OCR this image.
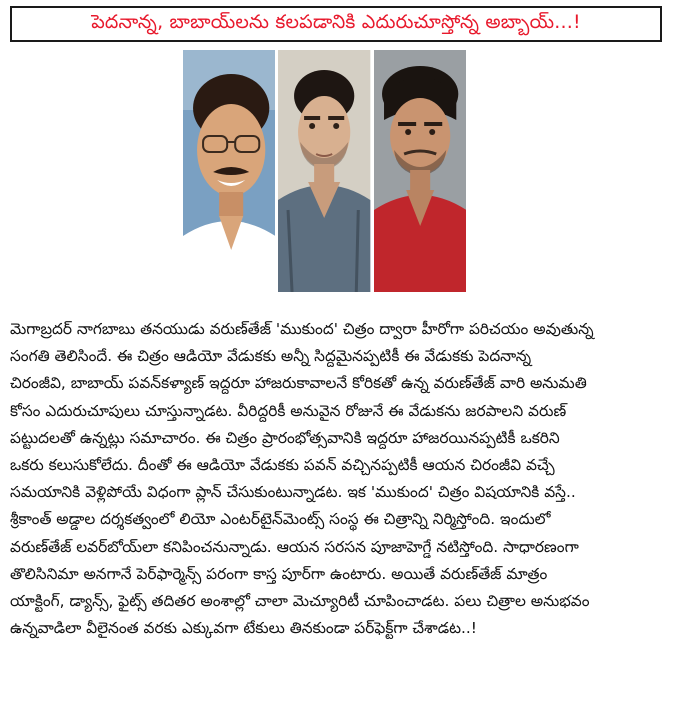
పెదనాన్న, బాబాయ్‌లను కలపడానికి ఎదురుచూస్తోన్న అబ్బాయ్...!
మెగాబ్రదర్ నాగబాబు తనయుడు వరుణ్‌తేజ్ 'ముకుంద' చిత్రం ద్వారా హీరోగా పరిచయం అవుతున్న
సంగతి తెలిసిందే. ఈ చిత్రం ఆడియో వేడుకకు అన్నీ సిద్దమైనప్పటికీ ఈ వేడుకకు పెదనాన్న
చిరంజీవి, బాబాయ్ పవన్‌కళ్యాణ్ ఇద్దరూ హాజరుకావాలనే కోరికతో ఉన్న వరుణ్‌తేజ్ వారి అనుమతి
కోసం ఎదురుచూపులు చూస్తున్నాడట. వీరిద్దరికీ అనువైన రోజునే ఈ వేడుకను జరపాలని వరుణ్
పట్టుదలతో ఉన్నట్లు సమాచారం. ఈ చిత్రం ప్రారంభోత్సవానికి ఇద్దరూ హాజరయినప్పటికీ ఒకరిని
ఒకరు కలుసుకోలేదు. దీంతో ఈ ఆడియో వేడుకకు పవన్ వచ్చినప్పటికీ ఆయన చిరంజీవి వచ్చే
సమయానికి వెళ్లిపోయే విధంగా ప్లాన్ చేసుకుంటున్నాడట. ఇక 'ముకుంద' చిత్రం విషయానికి వస్తే..
శ్రీకాంత్ అడ్డాల దర్శకత్వంలో లియో ఎంటర్‌టైన్‌మెంట్స్ సంస్థ ఈ చిత్రాన్ని నిర్మిస్తోంది. ఇందులో
వరుణ్‌తేజ్ లవర్‌బోయ్‌లా కనిపించనున్నాడు. ఆయన సరసన పూజాహెగ్డే నటిస్తోంది. సాధారణంగా
తొలిసినిమా అనగానే పెర్‌ఫార్మెన్స్ పరంగా కాస్త పూర్‌గా ఉంటారు. అయితే వరుణ్‌తేజ్ మాత్రం
యాక్టింగ్, డ్యాన్స్, ఫైట్స్ తదితర అంశాల్లో చాలా మెచ్యూరిటీ చూపించాడట. పలు చిత్రాల అనుభవం
ఉన్నవాడిలా వీలైనంత వరకు ఎక్కువగా టేకులు తినకుండా పర్‌ఫెక్ట్‌గా చేశాడట..!
